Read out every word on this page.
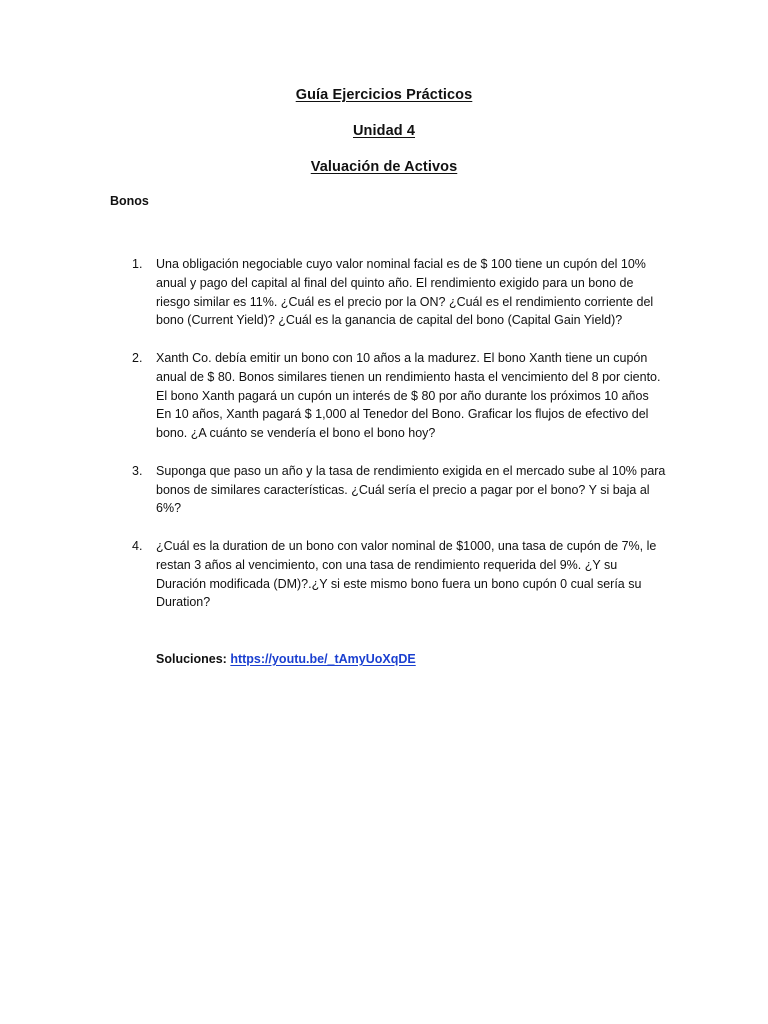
Guía Ejercicios Prácticos
Unidad 4
Valuación de Activos
Bonos
1. Una obligación negociable cuyo valor nominal facial es de $ 100 tiene un cupón del 10% anual y pago del capital al final del quinto año. El rendimiento exigido para un bono de riesgo similar es 11%. ¿Cuál es el precio por la ON? ¿Cuál es el rendimiento corriente del bono (Current Yield)? ¿Cuál es la ganancia de capital del bono (Capital Gain Yield)?
2. Xanth Co. debía emitir un bono con 10 años a la madurez. El bono Xanth tiene un cupón anual de $ 80. Bonos similares tienen un rendimiento hasta el vencimiento del 8 por ciento. El bono Xanth pagará un cupón un interés de $ 80 por año durante los próximos 10 años En 10 años, Xanth pagará $ 1,000 al Tenedor del Bono. Graficar los flujos de efectivo del bono. ¿A cuánto se vendería el bono el bono hoy?
3. Suponga que paso un año y la tasa de rendimiento exigida en el mercado sube al 10% para bonos de similares características. ¿Cuál sería el precio a pagar por el bono? Y si baja al 6%?
4. ¿Cuál es la duration de un bono con valor nominal de $1000, una tasa de cupón de 7%, le restan 3 años al vencimiento, con una tasa de rendimiento requerida del 9%. ¿Y su Duración modificada (DM)?.¿Y si este mismo bono fuera un bono cupón 0 cual sería su Duration?
Soluciones: https://youtu.be/_tAmyUoXqDE
